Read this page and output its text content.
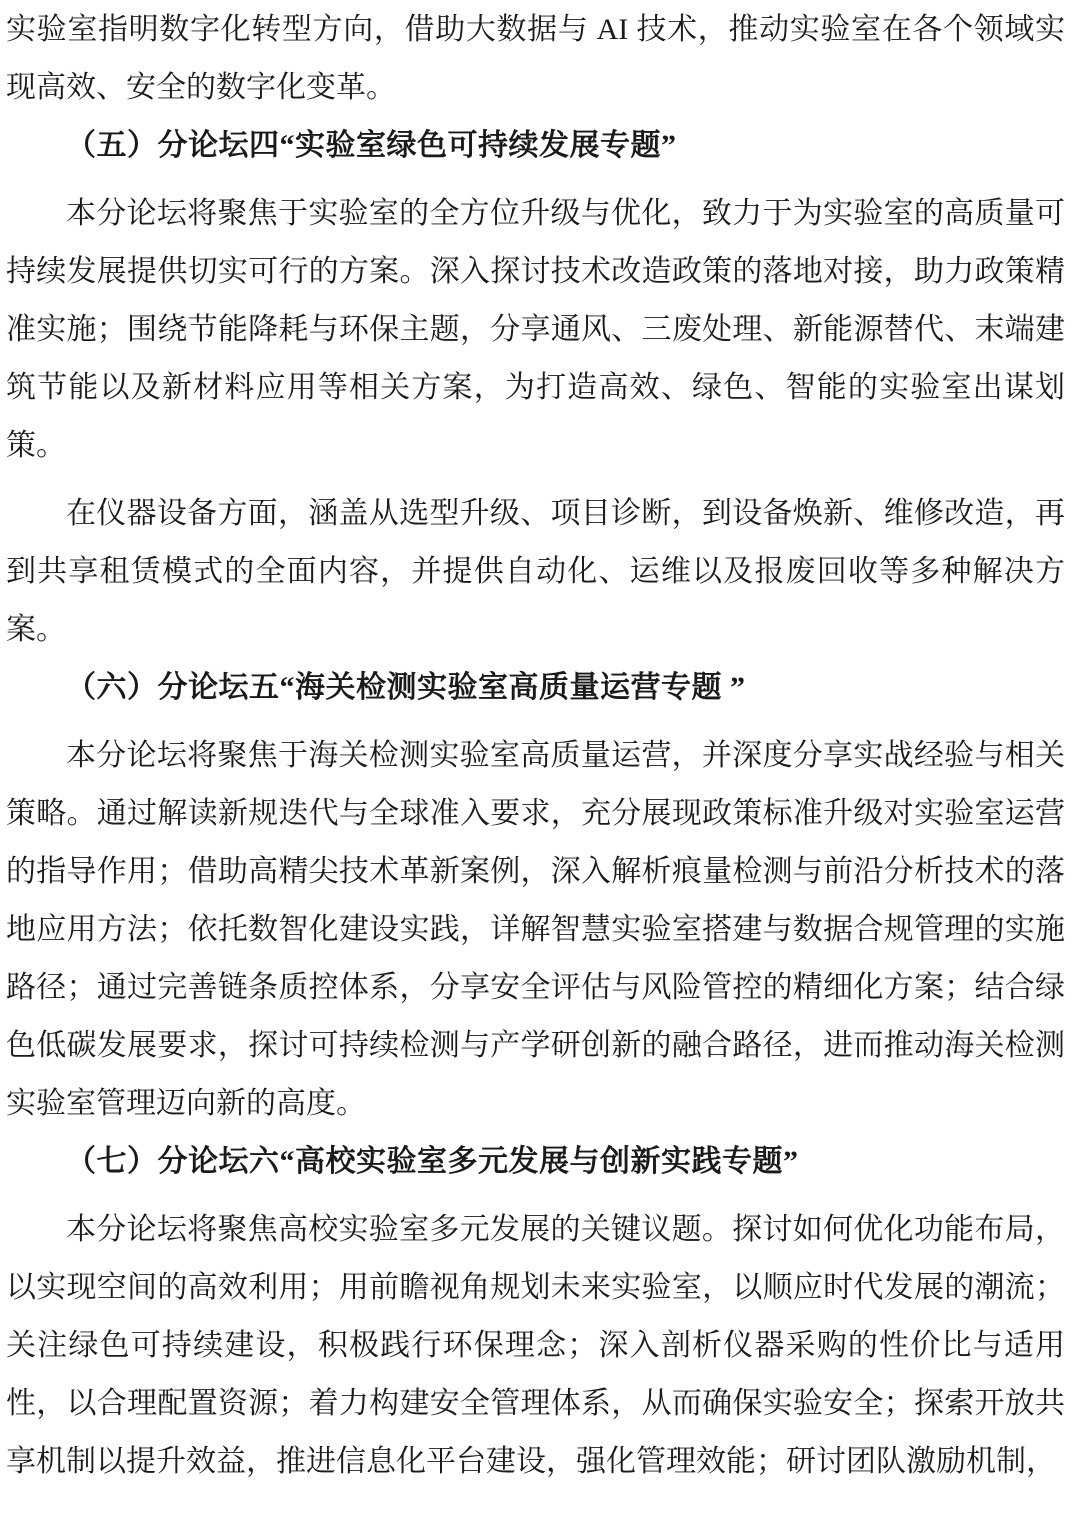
实验室指明数字化转型方向，借助大数据与 AI 技术，推动实验室在各个领域实现高效、安全的数字化变革。

（五）分论坛四“实验室绿色可持续发展专题”

本分论坛将聚焦于实验室的全方位升级与优化，致力于为实验室的高质量可持续发展提供切实可行的方案。深入探讨技术改造政策的落地对接，助力政策精准实施；围绕节能降耗与环保主题，分享通风、三废处理、新能源替代、末端建筑节能以及新材料应用等相关方案，为打造高效、绿色、智能的实验室出谋划策。

在仪器设备方面，涵盖从选型升级、项目诊断，到设备焕新、维修改造，再到共享租赁模式的全面内容，并提供自动化、运维以及报废回收等多种解决方案。

（六）分论坛五“海关检测实验室高质量运营专题 ”

本分论坛将聚焦于海关检测实验室高质量运营，并深度分享实战经验与相关策略。通过解读新规迭代与全球准入要求，充分展现政策标准升级对实验室运营的指导作用；借助高精尖技术革新案例，深入解析痕量检测与前沿分析技术的落地应用方法；依托数智化建设实践，详解智慧实验室搭建与数据合规管理的实施路径；通过完善链条质控体系，分享安全评估与风险管控的精细化方案；结合绿色低碳发展要求，探讨可持续检测与产学研创新的融合路径，进而推动海关检测实验室管理迈向新的高度。

（七）分论坛六“高校实验室多元发展与创新实践专题”

本分论坛将聚焦高校实验室多元发展的关键议题。探讨如何优化功能布局，以实现空间的高效利用；用前瞻视角规划未来实验室，以顺应时代发展的潮流；关注绿色可持续建设，积极践行环保理念；深入剖析仪器采购的性价比与适用性，以合理配置资源；着力构建安全管理体系，从而确保实验安全；探索开放共享机制以提升效益，推进信息化平台建设，强化管理效能；研讨团队激励机制，
